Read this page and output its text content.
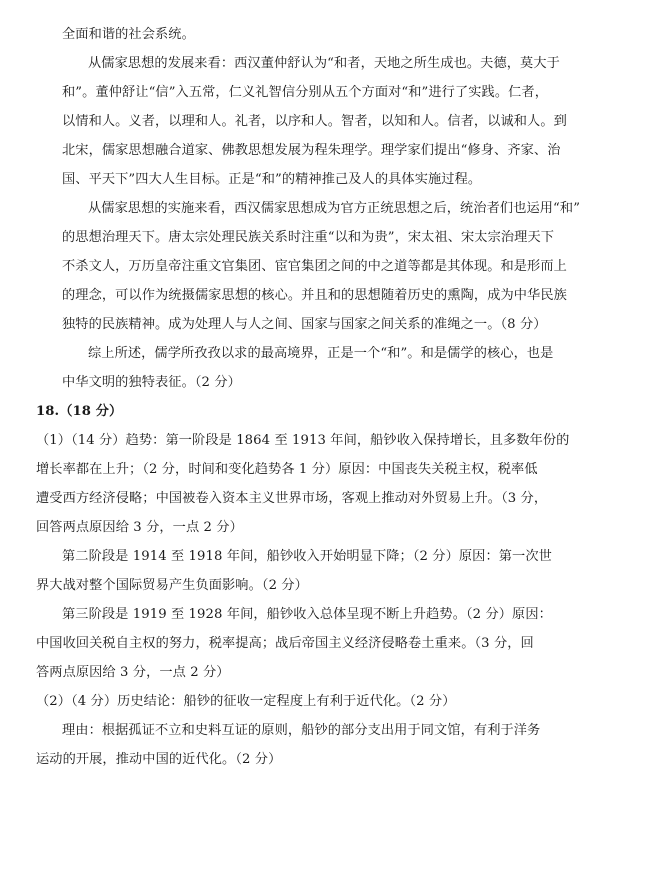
全面和谐的社会系统。
从儒家思想的发展来看：西汉董仲舒认为“和者，天地之所生成也。夫德，莫大于
和”。董仲舒让“信”入五常，仁义礼智信分别从五个方面对“和”进行了实践。仁者，
以情和人。义者，以理和人。礼者，以序和人。智者，以知和人。信者，以诚和人。到
北宋，儒家思想融合道家、佛教思想发展为程朱理学。理学家们提出“修身、齐家、治
国、平天下”四大人生目标。正是“和”的精神推己及人的具体实施过程。
从儒家思想的实施来看，西汉儒家思想成为官方正统思想之后，统治者们也运用“和”
的思想治理天下。唐太宗处理民族关系时注重“以和为贵”，宋太祖、宋太宗治理天下
不杀文人，万历皇帝注重文官集团、宦官集团之间的中之道等都是其体现。和是形而上
的理念，可以作为统摄儒家思想的核心。并且和的思想随着历史的熏陶，成为中华民族
独特的民族精神。成为处理人与人之间、国家与国家之间关系的准绳之一。（8 分）
综上所述，儒学所孜孜以求的最高境界，正是一个“和”。和是儒学的核心，也是
中华文明的独特表征。（2 分）
18.（18 分）
（1）（14 分）趋势：第一阶段是 1864 至 1913 年间，船钞收入保持增长，且多数年份的
增长率都在上升；（2 分，时间和变化趋势各 1 分）原因：中国丧失关税主权，税率低
遭受西方经济侵略；中国被卷入资本主义世界市场，客观上推动对外贸易上升。（3 分，
回答两点原因给 3 分，一点 2 分）
第二阶段是 1914 至 1918 年间，船钞收入开始明显下降；（2 分）原因：第一次世
界大战对整个国际贸易产生负面影响。（2 分）
第三阶段是 1919 至 1928 年间，船钞收入总体呈现不断上升趋势。（2 分）原因：
中国收回关税自主权的努力，税率提高；战后帝国主义经济侵略卷土重来。（3 分，回
答两点原因给 3 分，一点 2 分）
（2）（4 分）历史结论：船钞的征收一定程度上有利于近代化。（2 分）
理由：根据孤证不立和史料互证的原则，船钞的部分支出用于同文馆，有利于洋务
运动的开展，推动中国的近代化。（2 分）
